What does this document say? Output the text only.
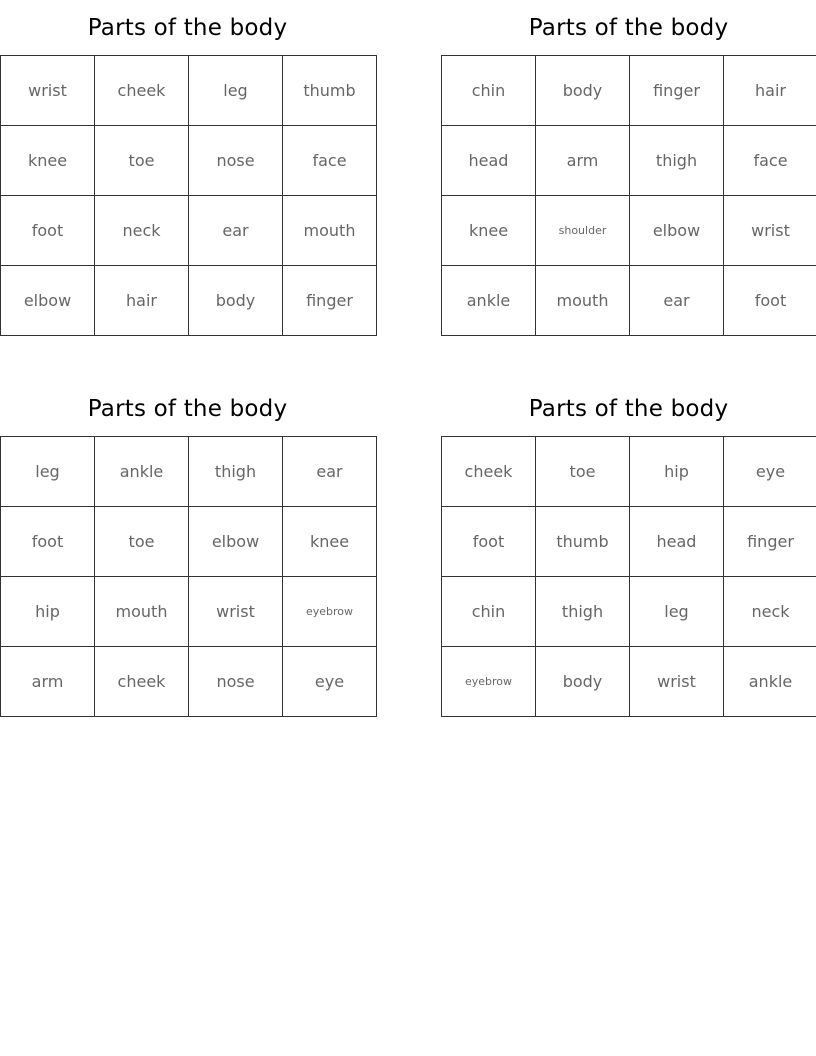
Parts of the body
wrist	cheek	leg	thumb
knee	toe	nose	face
foot	neck	ear	mouth
elbow	hair	body	finger
Parts of the body
chin	body	finger	hair
head	arm	thigh	face
knee	shoulder	elbow	wrist
ankle	mouth	ear	foot
Parts of the body
leg	ankle	thigh	ear
foot	toe	elbow	knee
hip	mouth	wrist	eyebrow
arm	cheek	nose	eye
Parts of the body
cheek	toe	hip	eye
foot	thumb	head	finger
chin	thigh	leg	neck
eyebrow	body	wrist	ankle
